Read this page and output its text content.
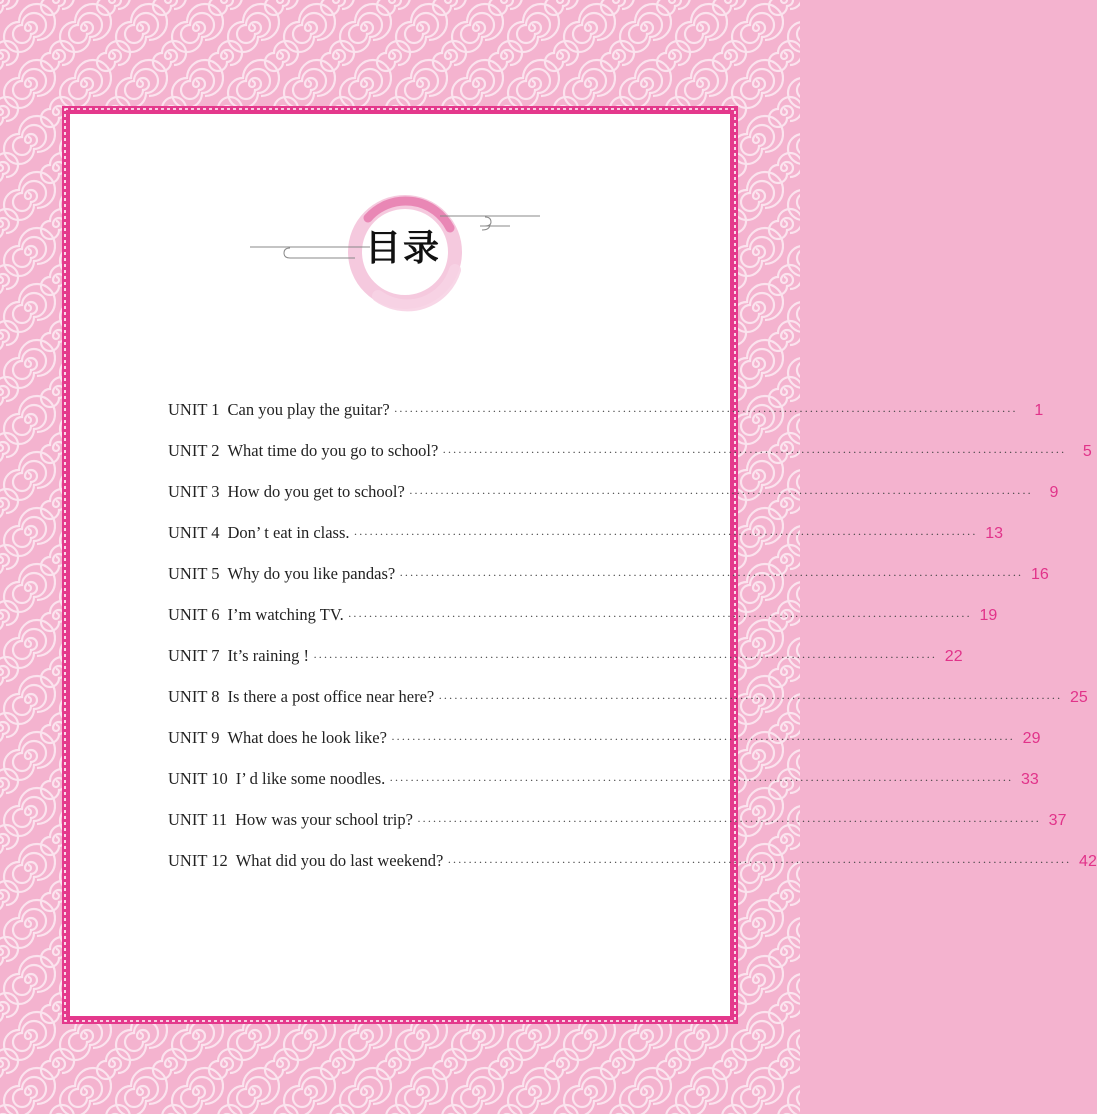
目录
UNIT 1 Can you play the guitar? ························································································································	1
UNIT 2 What time do you go to school? ························································································································	5
UNIT 3 How do you get to school? ························································································································	9
UNIT 4 Don’ t eat in class. ························································································································ 13
UNIT 5 Why do you like pandas? ························································································································ 16
UNIT 6 I’m watching TV. ························································································································ 19
UNIT 7 It’s raining ! ························································································································ 22
UNIT 8 Is there a post office near here? ························································································································ 25
UNIT 9 What does he look like? ························································································································ 29
UNIT 10 I’ d like some noodles. ························································································································ 33
UNIT 11 How was your school trip? ························································································································ 37
UNIT 12 What did you do last weekend? ························································································································ 42
